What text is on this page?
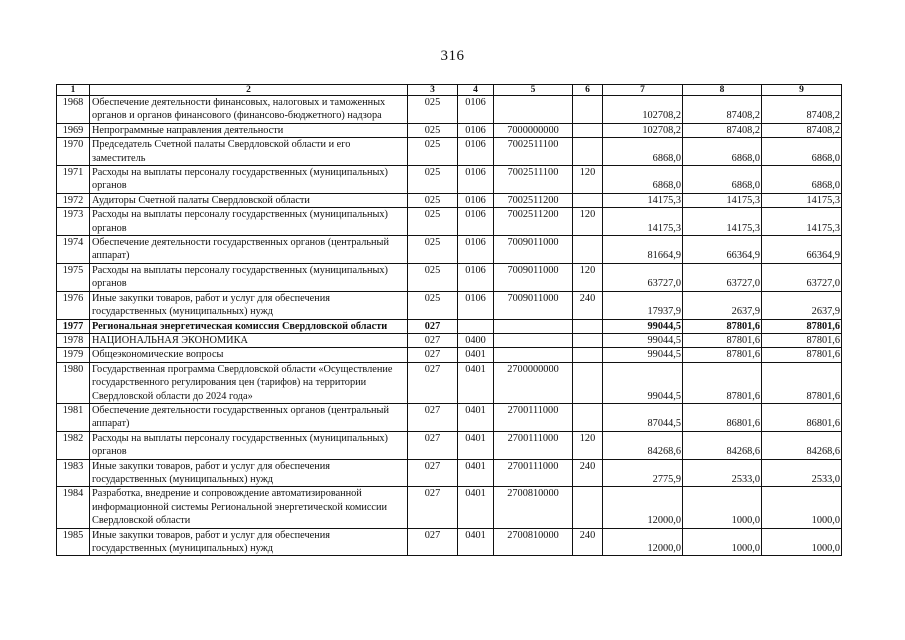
316
1	2	3	4	5	6	7	8	9
1968	Обеспечение деятельности финансовых, налоговых и таможенных органов и органов финансового (финансово-бюджетного) надзора	025	0106			102708,2	87408,2	87408,2
1969	Непрограммные направления деятельности	025	0106	7000000000		102708,2	87408,2	87408,2
1970	Председатель Счетной палаты Свердловской области и его заместитель	025	0106	7002511100		6868,0	6868,0	6868,0
1971	Расходы на выплаты персоналу государственных (муниципальных) органов	025	0106	7002511100	120	6868,0	6868,0	6868,0
1972	Аудиторы Счетной палаты Свердловской области	025	0106	7002511200		14175,3	14175,3	14175,3
1973	Расходы на выплаты персоналу государственных (муниципальных) органов	025	0106	7002511200	120	14175,3	14175,3	14175,3
1974	Обеспечение деятельности государственных органов (центральный аппарат)	025	0106	7009011000		81664,9	66364,9	66364,9
1975	Расходы на выплаты персоналу государственных (муниципальных) органов	025	0106	7009011000	120	63727,0	63727,0	63727,0
1976	Иные закупки товаров, работ и услуг для обеспечения государственных (муниципальных) нужд	025	0106	7009011000	240	17937,9	2637,9	2637,9
1977	Региональная энергетическая комиссия Свердловской области	027				99044,5	87801,6	87801,6
1978	НАЦИОНАЛЬНАЯ ЭКОНОМИКА	027	0400			99044,5	87801,6	87801,6
1979	Общеэкономические вопросы	027	0401			99044,5	87801,6	87801,6
1980	Государственная программа Свердловской области «Осуществление государственного регулирования цен (тарифов) на территории Свердловской области до 2024 года»	027	0401	2700000000		99044,5	87801,6	87801,6
1981	Обеспечение деятельности государственных органов (центральный аппарат)	027	0401	2700111000		87044,5	86801,6	86801,6
1982	Расходы на выплаты персоналу государственных (муниципальных) органов	027	0401	2700111000	120	84268,6	84268,6	84268,6
1983	Иные закупки товаров, работ и услуг для обеспечения государственных (муниципальных) нужд	027	0401	2700111000	240	2775,9	2533,0	2533,0
1984	Разработка, внедрение и сопровождение автоматизированной информационной системы Региональной энергетической комиссии Свердловской области	027	0401	2700810000		12000,0	1000,0	1000,0
1985	Иные закупки товаров, работ и услуг для обеспечения государственных (муниципальных) нужд	027	0401	2700810000	240	12000,0	1000,0	1000,0
